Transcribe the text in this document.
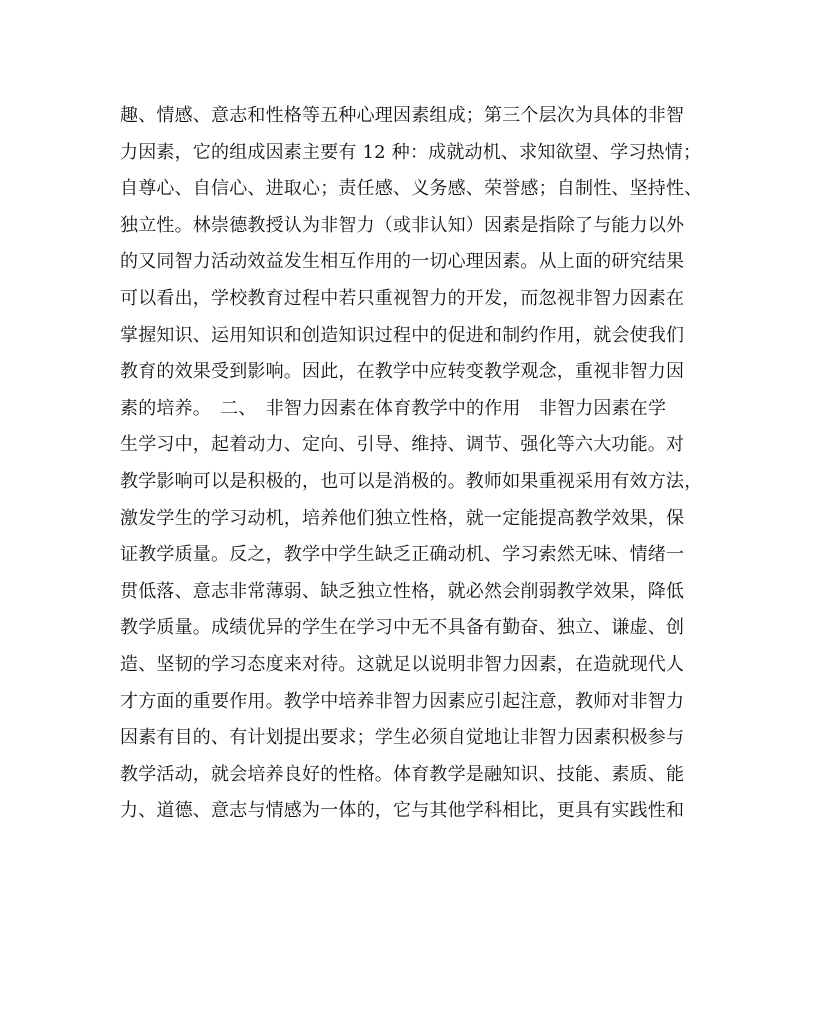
趣、情感、意志和性格等五种心理因素组成；第三个层次为具体的非智
力因素，它的组成因素主要有 12 种：成就动机、求知欲望、学习热情；
自尊心、自信心、进取心；责任感、义务感、荣誉感；自制性、坚持性、
独立性。林崇德教授认为非智力（或非认知）因素是指除了与能力以外
的又同智力活动效益发生相互作用的一切心理因素。从上面的研究结果
可以看出，学校教育过程中若只重视智力的开发，而忽视非智力因素在
掌握知识、运用知识和创造知识过程中的促进和制约作用，就会使我们
教育的效果受到影响。因此，在教学中应转变教学观念，重视非智力因
素的培养。　二、　非智力因素在体育教学中的作用　非智力因素在学
生学习中，起着动力、定向、引导、维持、调节、强化等六大功能。对
教学影响可以是积极的，也可以是消极的。教师如果重视采用有效方法，
激发学生的学习动机，培养他们独立性格，就一定能提高教学效果，保
证教学质量。反之，教学中学生缺乏正确动机、学习索然无味、情绪一
贯低落、意志非常薄弱、缺乏独立性格，就必然会削弱教学效果，降低
教学质量。成绩优异的学生在学习中无不具备有勤奋、独立、谦虚、创
造、坚韧的学习态度来对待。这就足以说明非智力因素，在造就现代人
才方面的重要作用。教学中培养非智力因素应引起注意，教师对非智力
因素有目的、有计划提出要求；学生必须自觉地让非智力因素积极参与
教学活动，就会培养良好的性格。体育教学是融知识、技能、素质、能
力、道德、意志与情感为一体的，它与其他学科相比，更具有实践性和
